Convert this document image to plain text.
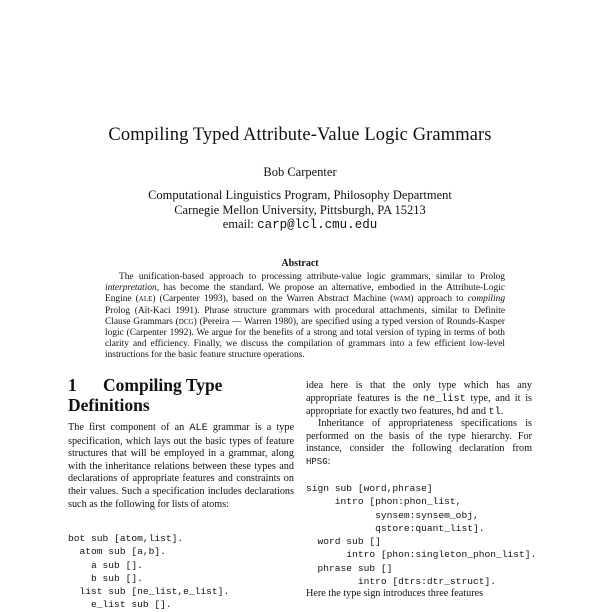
Compiling Typed Attribute-Value Logic Grammars
Bob Carpenter
Computational Linguistics Program, Philosophy Department
Carnegie Mellon University, Pittsburgh, PA 15213
email: carp@lcl.cmu.edu
Abstract

The unification-based approach to processing attribute-value logic grammars, similar to Prolog interpretation, has become the standard. We propose an alternative, embodied in the Attribute-Logic Engine (ale) (Carpenter 1993), based on the Warren Abstract Machine (wam) approach to compiling Prolog (Aït-Kaci 1991). Phrase structure grammars with procedural attachments, similar to Definite Clause Grammars (dcg) (Pereira — Warren 1980), are specified using a typed version of Rounds-Kasper logic (Carpenter 1992). We argue for the benefits of a strong and total version of typing in terms of both clarity and efficiency. Finally, we discuss the compilation of grammars into a few efficient low-level instructions for the basic feature structure operations.

1 Compiling Type Definitions

The first component of an ALE grammar is a type specification, which lays out the basic types of feature structures that will be employed in a grammar, along with the inheritance relations between these types and declarations of appropriate features and constraints on their values. Such a specification includes declarations such as the following for lists of atoms:

bot sub [atom,list].
atom sub [a,b].
a sub [].
b sub [].
list sub [ne_list,e_list].
e_list sub [].

idea here is that the only type which has any appropriate features is the ne_list type, and it is appropriate for exactly two features, hd and tl.

Inheritance of appropriateness specifications is performed on the basis of the type hierarchy. For instance, consider the following declaration from HPSG:

sign sub [word,phrase]
intro [phon:phon_list,
synsem:synsem_obj,
qstore:quant_list].
word sub []
intro [phon:singleton_phon_list].
phrase sub []
intro [dtrs:dtr_struct].
Here the type sign introduces three features
